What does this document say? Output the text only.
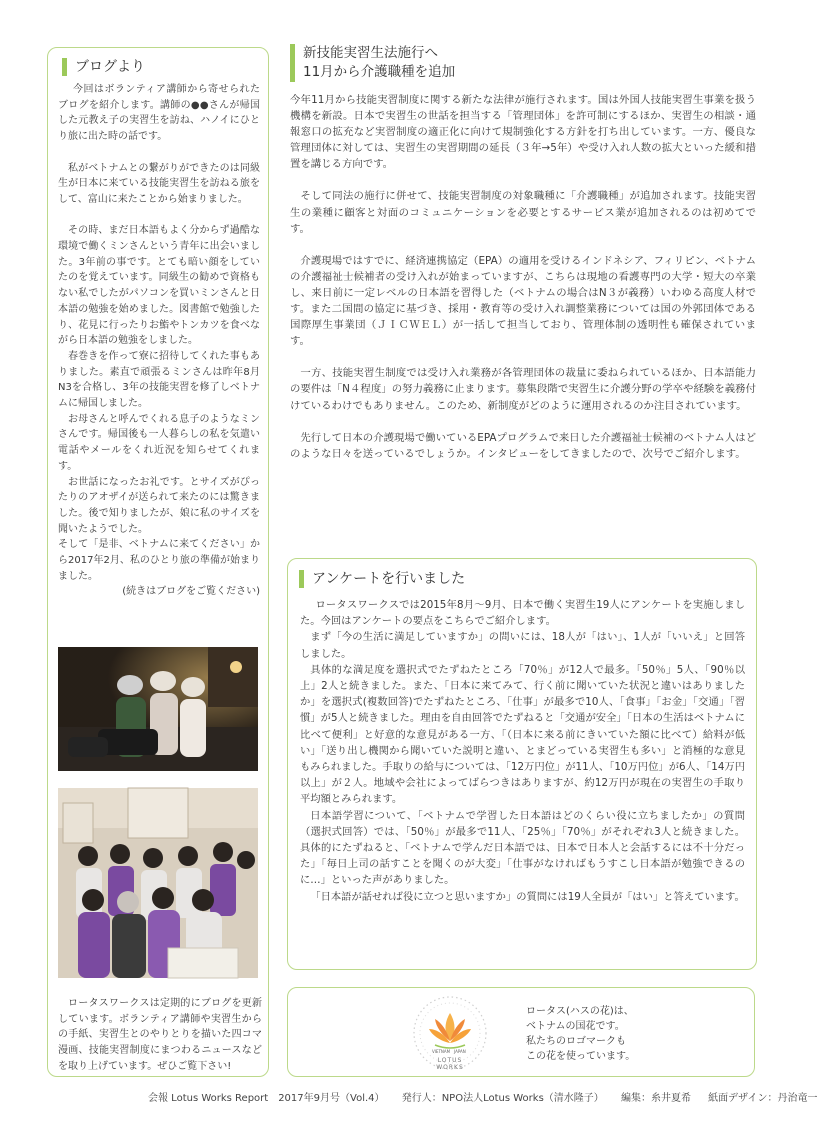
ブログより

今回はボランティア講師から寄せられたブログを紹介します。講師の●●さんが帰国した元教え子の実習生を訪ね、ハノイにひとり旅に出た時の話です。

私がベトナムとの繋がりができたのは同級生が日本に来ている技能実習生を訪ねる旅をして、富山に来たことから始まりました。

その時、まだ日本語もよく分からず過酷な環境で働くミンさんという青年に出会いました。3年前の事です。とても暗い顔をしていたのを覚えています。同級生の勧めで資格もない私でしたがパソコンを買いミンさんと日本語の勉強を始めました。図書館で勉強したり、花見に行ったりお鮨やトンカツを食べながら日本語の勉強をしました。

春巻きを作って寮に招待してくれた事もありました。素直で頑張るミンさんは昨年8月N3を合格し、3年の技能実習を修了しベトナムに帰国しました。

お母さんと呼んでくれる息子のようなミンさんです。帰国後も一人暮らしの私を気遣い電話やメールをくれ近況を知らせてくれます。

お世話になったお礼です。とサイズがぴったりのアオザイが送られて来たのには驚きました。後で知りましたが、娘に私のサイズを聞いたようでした。

そして「是非、ベトナムに来てください」から2017年2月、私のひとり旅の準備が始まりました。

(続きはブログをご覧ください)

ロータスワークスは定期的にブログを更新しています。ボランティア講師や実習生からの手紙、実習生とのやりとりを描いた四コマ漫画、技能実習制度にまつわるニュースなどを取り上げています。ぜひご覧下さい!

新技能実習生法施行へ
11月から介護職種を追加

今年11月から技能実習制度に関する新たな法律が施行されます。国は外国人技能実習生事業を扱う機構を新設。日本で実習生の世話を担当する「管理団体」を許可制にするほか、実習生の相談・通報窓口の拡充など実習制度の適正化に向けて規制強化する方針を打ち出しています。一方、優良な管理団体に対しては、実習生の実習期間の延長（３年→5年）や受け入れ人数の拡大といった緩和措置を講じる方向です。

そして同法の施行に併せて、技能実習制度の対象職種に「介護職種」が追加されます。技能実習生の業種に顧客と対面のコミュニケーションを必要とするサービス業が追加されるのは初めてです。

介護現場ではすでに、経済連携協定（EPA）の適用を受けるインドネシア、フィリピン、ベトナムの介護福祉士候補者の受け入れが始まっていますが、こちらは現地の看護専門の大学・短大の卒業し、来日前に一定レベルの日本語を習得した（ベトナムの場合はN３が義務）いわゆる高度人材です。また二国間の協定に基づき、採用・教育等の受け入れ調整業務については国の外郭団体である国際厚生事業団（ＪＩＣＷＥＬ）が一括して担当しており、管理体制の透明性も確保されています。

一方、技能実習生制度では受け入れ業務が各管理団体の裁量に委ねられているほか、日本語能力の要件は「N４程度」の努力義務に止まります。募集段階で実習生に介護分野の学卒や経験を義務付けているわけでもありません。このため、新制度がどのように運用されるのか注目されています。

先行して日本の介護現場で働いているEPAプログラムで来日した介護福祉士候補のベトナム人はどのような日々を送っているでしょうか。インタビューをしてきましたので、次号でご紹介します。

アンケートを行いました

ロータスワークスでは2015年8月～9月、日本で働く実習生19人にアンケートを実施しました。今回はアンケートの要点をこちらでご紹介します。

まず「今の生活に満足していますか」の問いには、18人が「はい」、1人が「いいえ」と回答しました。

具体的な満足度を選択式でたずねたところ「70％」が12人で最多。「50％」5人、「90％以上」2人と続きました。また、「日本に来てみて、行く前に聞いていた状況と違いはありましたか」を選択式(複数回答)でたずねたところ、「仕事」が最多で10人、「食事」「お金」「交通」「習慣」が5人と続きました。理由を自由回答でたずねると「交通が安全」「日本の生活はベトナムに比べて便利」と好意的な意見がある一方、「（日本に来る前にきいていた額に比べて）給料が低い」「送り出し機関から聞いていた説明と違い、とまどっている実習生も多い」と消極的な意見もみられました。手取りの給与については、「12万円位」が11人、「10万円位」が6人、「14万円以上」が２人。地域や会社によってばらつきはありますが、約12万円が現在の実習生の手取り平均額とみられます。

日本語学習について、「ベトナムで学習した日本語はどのくらい役に立ちましたか」の質問（選択式回答）では、「50％」が最多で11人、「25％」「70％」がそれぞれ3人と続きました。具体的にたずねると、「ベトナムで学んだ日本語では、日本で日本人と会話するには不十分だった」「毎日上司の話すことを聞くのが大変」「仕事がなければもうすこし日本語が勉強できるのに…」といった声がありました。

「日本語が話せれば役に立つと思いますか」の質問には19人全員が「はい」と答えています。

VIETNAM JAPAN
LOTUS WORKS

ロータス(ハスの花)は、

ベトナムの国花です。

私たちのロゴマークも

この花を使っています。

会報 Lotus Works Report　2017年9月号（Vol.4） 発行人：NPO法人Lotus Works（清水隆子） 編集：糸井夏希 紙面デザイン：丹治竜一
